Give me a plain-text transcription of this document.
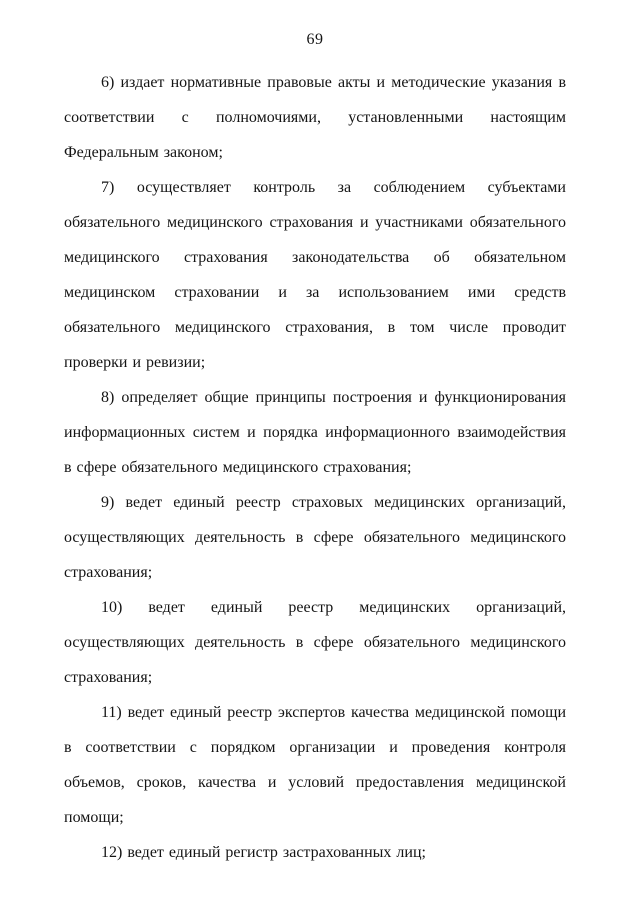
69

6) издает нормативные правовые акты и методические указания в соответствии с полномочиями, установленными настоящим Федеральным законом;

7) осуществляет контроль за соблюдением субъектами обязательного медицинского страхования и участниками обязательного медицинского страхования законодательства об обязательном медицинском страховании и за использованием ими средств обязательного медицинского страхования, в том числе проводит проверки и ревизии;

8) определяет общие принципы построения и функционирования информационных систем и порядка информационного взаимодействия в сфере обязательного медицинского страхования;

9) ведет единый реестр страховых медицинских организаций, осуществляющих деятельность в сфере обязательного медицинского страхования;

10) ведет единый реестр медицинских организаций, осуществляющих деятельность в сфере обязательного медицинского страхования;

11) ведет единый реестр экспертов качества медицинской помощи в соответствии с порядком организации и проведения контроля объемов, сроков, качества и условий предоставления медицинской помощи;

12) ведет единый регистр застрахованных лиц;
